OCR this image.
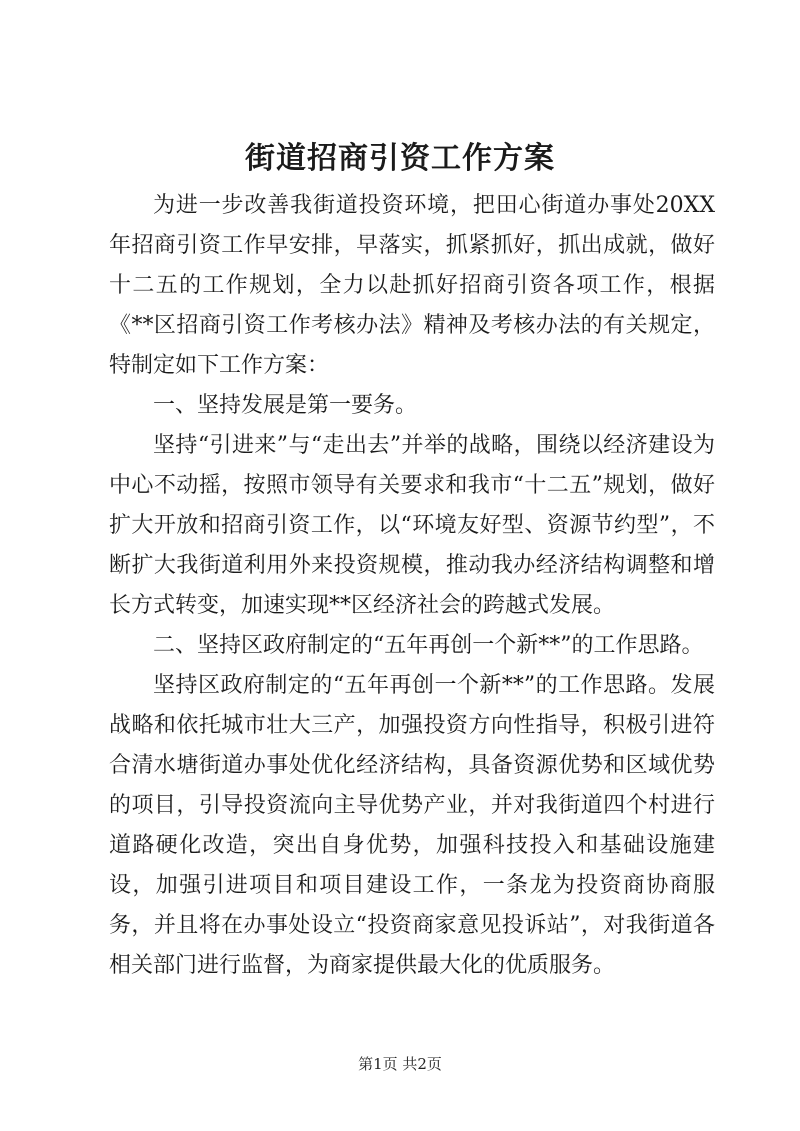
街道招商引资工作方案

为进一步改善我街道投资环境，把田心街道办事处20XX年招商引资工作早安排，早落实，抓紧抓好，抓出成就，做好十二五的工作规划，全力以赴抓好招商引资各项工作，根据《**区招商引资工作考核办法》精神及考核办法的有关规定，特制定如下工作方案：

一、坚持发展是第一要务。

坚持“引进来”与“走出去”并举的战略，围绕以经济建设为中心不动摇，按照市领导有关要求和我市“十二五”规划，做好扩大开放和招商引资工作，以“环境友好型、资源节约型”，不断扩大我街道利用外来投资规模，推动我办经济结构调整和增长方式转变，加速实现**区经济社会的跨越式发展。

二、坚持区政府制定的“五年再创一个新**”的工作思路。

坚持区政府制定的“五年再创一个新**”的工作思路。发展战略和依托城市壮大三产，加强投资方向性指导，积极引进符合清水塘街道办事处优化经济结构，具备资源优势和区域优势的项目，引导投资流向主导优势产业，并对我街道四个村进行道路硬化改造，突出自身优势，加强科技投入和基础设施建设，加强引进项目和项目建设工作，一条龙为投资商协商服务，并且将在办事处设立“投资商家意见投诉站”，对我街道各相关部门进行监督，为商家提供最大化的优质服务。

第1页 共2页
